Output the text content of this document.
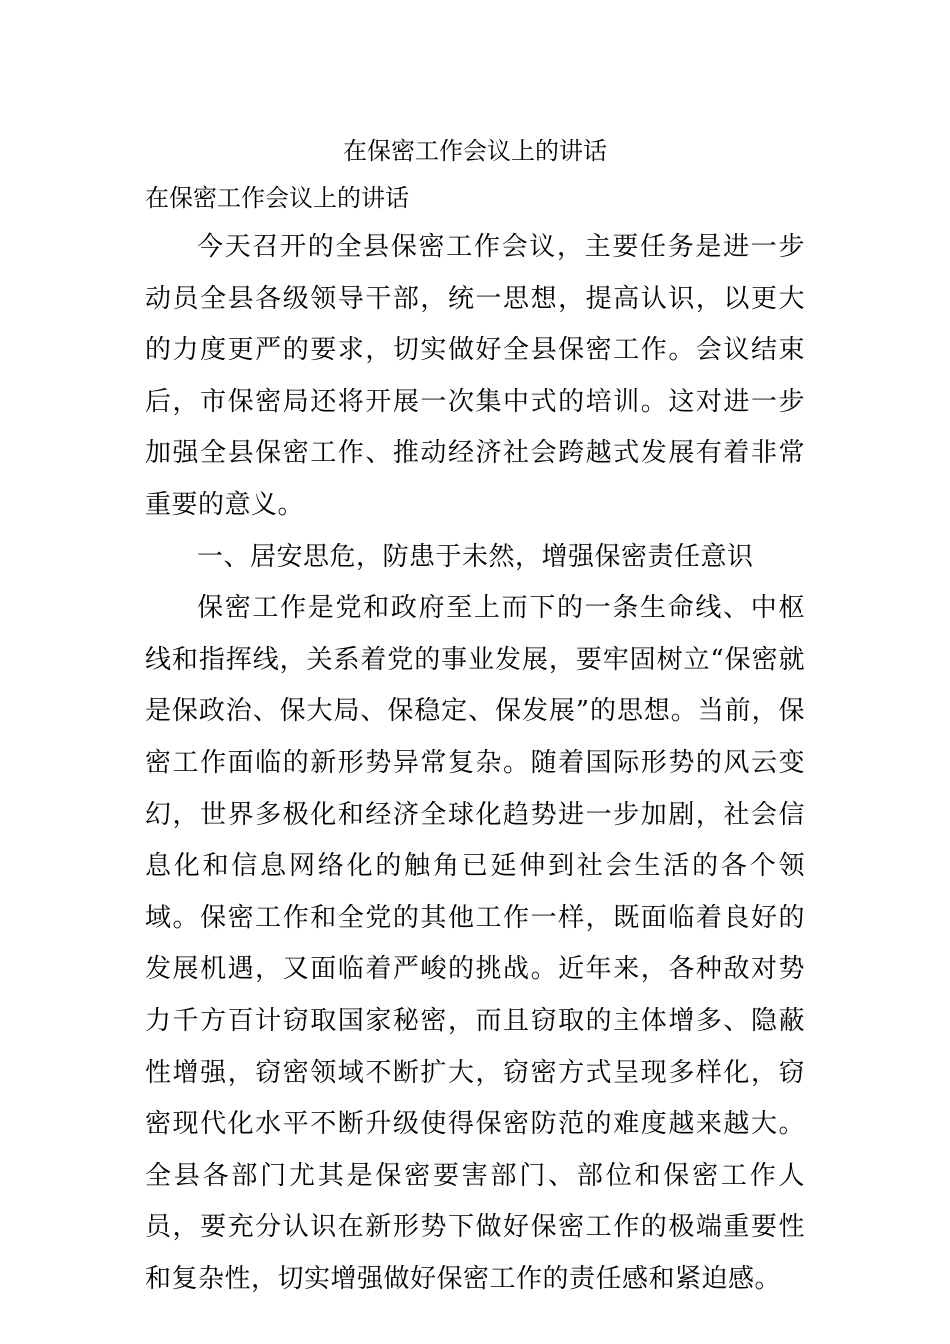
在保密工作会议上的讲话
在保密工作会议上的讲话

今天召开的全县保密工作会议，主要任务是进一步动员全县各级领导干部，统一思想，提高认识，以更大的力度更严的要求，切实做好全县保密工作。会议结束后，市保密局还将开展一次集中式的培训。这对进一步加强全县保密工作、推动经济社会跨越式发展有着非常重要的意义。

一、居安思危，防患于未然，增强保密责任意识

保密工作是党和政府至上而下的一条生命线、中枢线和指挥线，关系着党的事业发展，要牢固树立“保密就是保政治、保大局、保稳定、保发展”的思想。当前，保密工作面临的新形势异常复杂。随着国际形势的风云变幻，世界多极化和经济全球化趋势进一步加剧，社会信息化和信息网络化的触角已延伸到社会生活的各个领域。保密工作和全党的其他工作一样，既面临着良好的发展机遇，又面临着严峻的挑战。近年来，各种敌对势力千方百计窃取国家秘密，而且窃取的主体增多、隐蔽性增强，窃密领域不断扩大，窃密方式呈现多样化，窃密现代化水平不断升级使得保密防范的难度越来越大。全县各部门尤其是保密要害部门、部位和保密工作人员，要充分认识在新形势下做好保密工作的极端重要性和复杂性，切实增强做好保密工作的责任感和紧迫感。
